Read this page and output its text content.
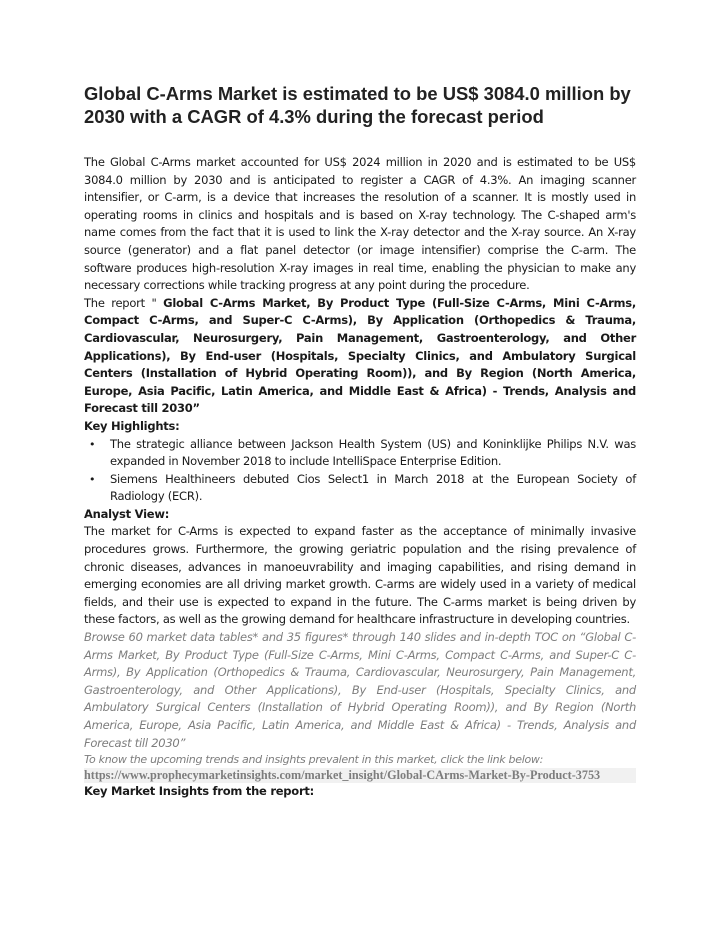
Global C-Arms Market is estimated to be US$ 3084.0 million by 2030 with a CAGR of 4.3% during the forecast period

The Global C-Arms market accounted for US$ 2024 million in 2020 and is estimated to be US$ 3084.0 million by 2030 and is anticipated to register a CAGR of 4.3%. An imaging scanner intensifier, or C-arm, is a device that increases the resolution of a scanner. It is mostly used in operating rooms in clinics and hospitals and is based on X-ray technology. The C-shaped arm's name comes from the fact that it is used to link the X-ray detector and the X-ray source. An X-ray source (generator) and a flat panel detector (or image intensifier) comprise the C-arm. The software produces high-resolution X-ray images in real time, enabling the physician to make any necessary corrections while tracking progress at any point during the procedure.

The report " Global C-Arms Market, By Product Type (Full-Size C-Arms, Mini C-Arms, Compact C-Arms, and Super-C C-Arms), By Application (Orthopedics & Trauma, Cardiovascular, Neurosurgery, Pain Management, Gastroenterology, and Other Applications), By End-user (Hospitals, Specialty Clinics, and Ambulatory Surgical Centers (Installation of Hybrid Operating Room)), and By Region (North America, Europe, Asia Pacific, Latin America, and Middle East & Africa) - Trends, Analysis and Forecast till 2030”

Key Highlights:

• The strategic alliance between Jackson Health System (US) and Koninklijke Philips N.V. was expanded in November 2018 to include IntelliSpace Enterprise Edition.
• Siemens Healthineers debuted Cios Select1 in March 2018 at the European Society of Radiology (ECR).

Analyst View:

The market for C-Arms is expected to expand faster as the acceptance of minimally invasive procedures grows. Furthermore, the growing geriatric population and the rising prevalence of chronic diseases, advances in manoeuvrability and imaging capabilities, and rising demand in emerging economies are all driving market growth. C-arms are widely used in a variety of medical fields, and their use is expected to expand in the future. The C-arms market is being driven by these factors, as well as the growing demand for healthcare infrastructure in developing countries.

Browse 60 market data tables* and 35 figures* through 140 slides and in-depth TOC on “Global C-Arms Market, By Product Type (Full-Size C-Arms, Mini C-Arms, Compact C-Arms, and Super-C C-Arms), By Application (Orthopedics & Trauma, Cardiovascular, Neurosurgery, Pain Management, Gastroenterology, and Other Applications), By End-user (Hospitals, Specialty Clinics, and Ambulatory Surgical Centers (Installation of Hybrid Operating Room)), and By Region (North America, Europe, Asia Pacific, Latin America, and Middle East & Africa) - Trends, Analysis and Forecast till 2030”

To know the upcoming trends and insights prevalent in this market, click the link below:

https://www.prophecymarketinsights.com/market_insight/Global-CArms-Market-By-Product-3753

Key Market Insights from the report:
